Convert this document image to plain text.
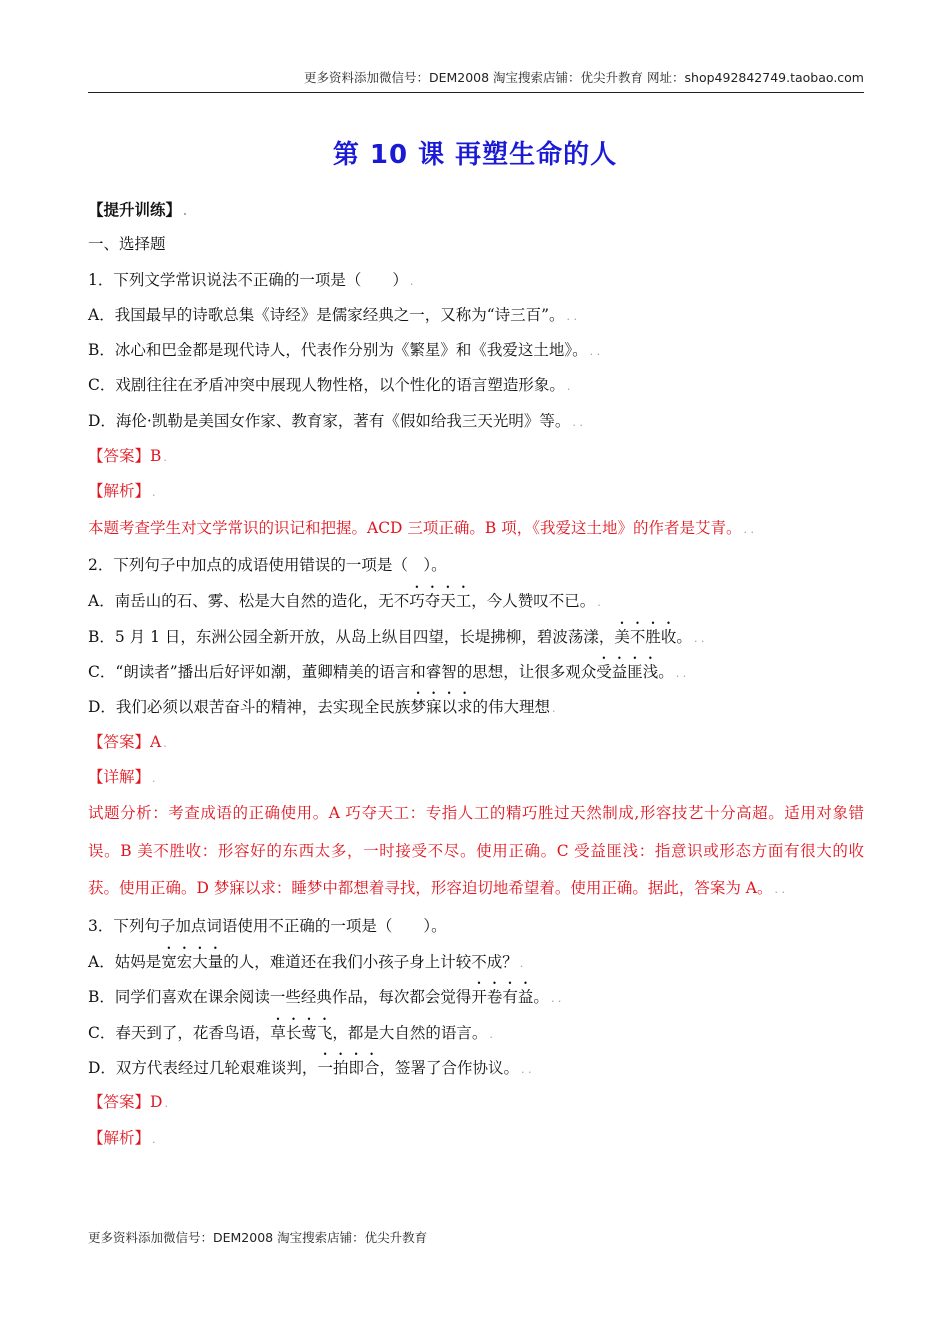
更多资料添加微信号：DEM2008 淘宝搜索店铺：优尖升教育 网址：shop492842749.taobao.com
第 10 课 再塑生命的人
【提升训练】 .
一、选择题
1．下列文学常识说法不正确的一项是（　　） .
A．我国最早的诗歌总集《诗经》是儒家经典之一，又称为“诗三百”。 . .
B．冰心和巴金都是现代诗人，代表作分别为《繁星》和《我爱这土地》。 . .
C．戏剧往往在矛盾冲突中展现人物性格，以个性化的语言塑造形象。 .
D．海伦·凯勒是美国女作家、教育家，著有《假如给我三天光明》等。 . .
【答案】B .
【解析】 .
本题考查学生对文学常识的识记和把握。ACD 三项正确。B 项，《我爱这土地》的作者是艾青。 . .
2．下列句子中加点的成语使用错误的一项是（　）。
A．南岳山的石、雾、松是大自然的造化，无不巧夺天工，今人赞叹不已。 .
B．5 月 1 日，东洲公园全新开放，从岛上纵目四望，长堤拂柳，碧波荡漾，美不胜收。 . .
C．“朗读者”播出后好评如潮，董卿精美的语言和睿智的思想，让很多观众受益匪浅。 . .
D．我们必须以艰苦奋斗的精神，去实现全民族梦寐以求的伟大理想 .
【答案】A .
【详解】 .
试题分析：考查成语的正确使用。A 巧夺天工：专指人工的精巧胜过天然制成,形容技艺十分高超。适用对象错误。B 美不胜收：形容好的东西太多，一时接受不尽。使用正确。C 受益匪浅：指意识或形态方面有很大的收获。使用正确。D 梦寐以求：睡梦中都想着寻找，形容迫切地希望着。使用正确。据此，答案为 A。 . .
3．下列句子加点词语使用不正确的一项是（　　）。
A．姑妈是宽宏大量的人，难道还在我们小孩子身上计较不成？ .
B．同学们喜欢在课余阅读一些经典作品，每次都会觉得开卷有益。 . .
C．春天到了，花香鸟语，草长莺飞，都是大自然的语言。 .
D．双方代表经过几轮艰难谈判，一拍即合，签署了合作协议。 . .
【答案】D .
【解析】 .
更多资料添加微信号：DEM2008 淘宝搜索店铺：优尖升教育
